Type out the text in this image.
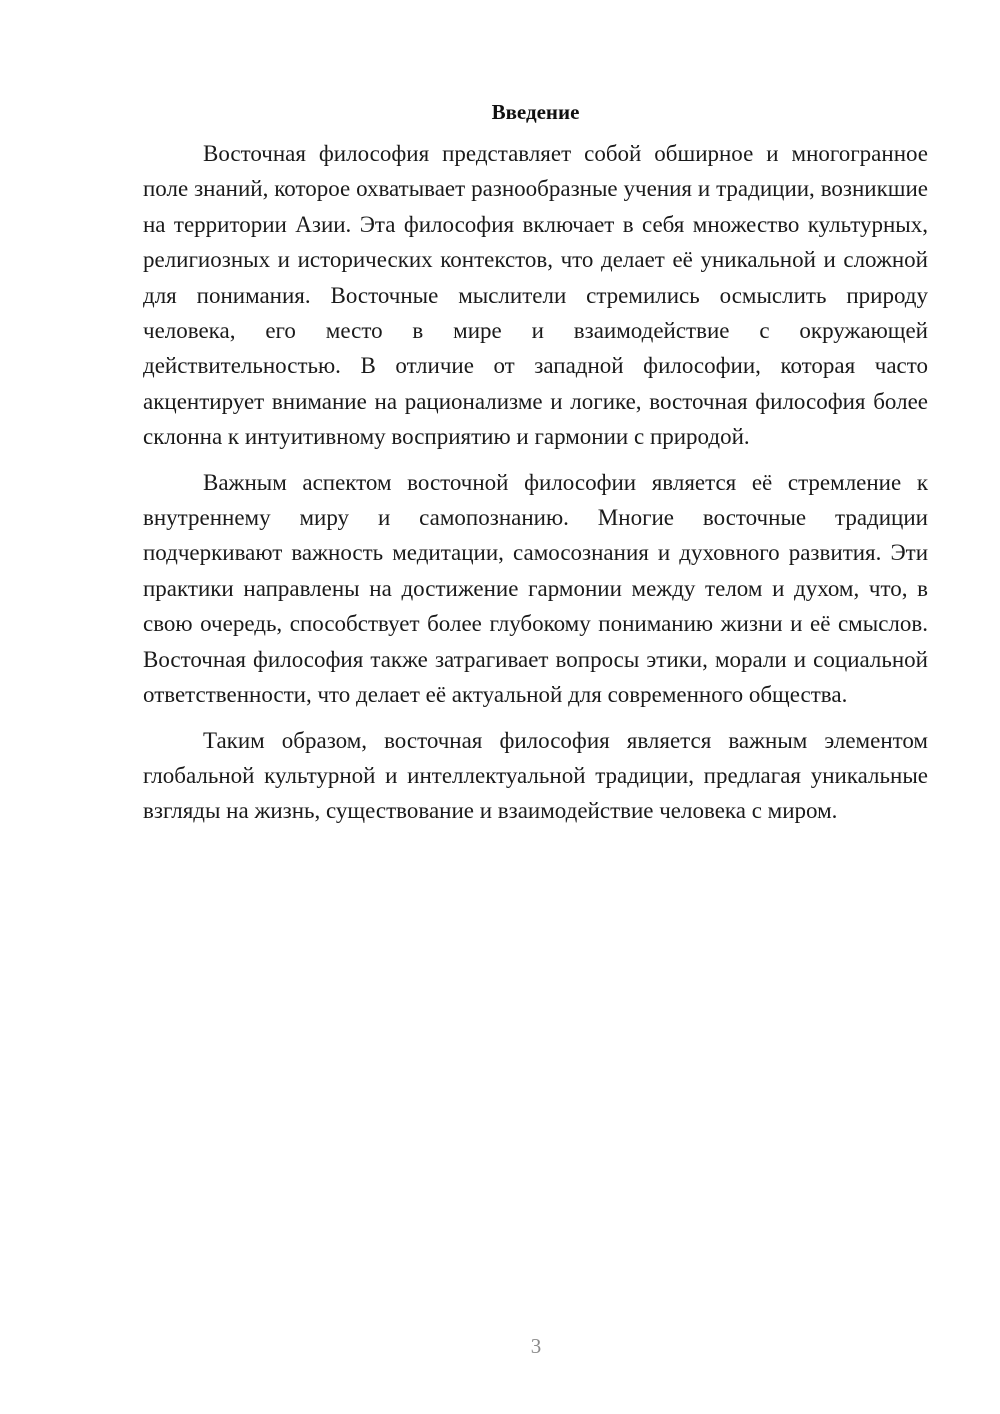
Введение

Восточная философия представляет собой обширное и многогранное поле знаний, которое охватывает разнообразные учения и традиции, возникшие на территории Азии. Эта философия включает в себя множество культурных, религиозных и исторических контекстов, что делает её уникальной и сложной для понимания. Восточные мыслители стремились осмыслить природу человека, его место в мире и взаимодействие с окружающей действительностью. В отличие от западной философии, которая часто акцентирует внимание на рационализме и логике, восточная философия более склонна к интуитивному восприятию и гармонии с природой.

Важным аспектом восточной философии является её стремление к внутреннему миру и самопознанию. Многие восточные традиции подчеркивают важность медитации, самосознания и духовного развития. Эти практики направлены на достижение гармонии между телом и духом, что, в свою очередь, способствует более глубокому пониманию жизни и её смыслов. Восточная философия также затрагивает вопросы этики, морали и социальной ответственности, что делает её актуальной для современного общества.

Таким образом, восточная философия является важным элементом глобальной культурной и интеллектуальной традиции, предлагая уникальные взгляды на жизнь, существование и взаимодействие человека с миром.

3
